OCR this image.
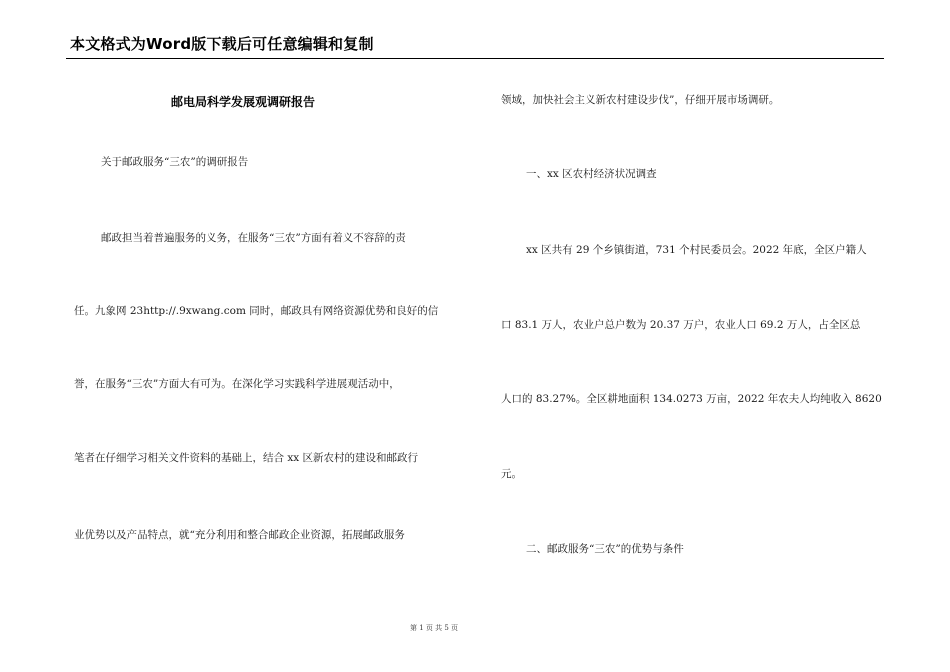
本文格式为Word版下载后可任意编辑和复制
邮电局科学发展观调研报告
关于邮政服务“三农”的调研报告
邮政担当着普遍服务的义务，在服务“三农”方面有着义不容辞的责
任。九象网 23http://.9xwang.com 同时，邮政具有网络资源优势和良好的信
誉，在服务“三农”方面大有可为。在深化学习实践科学进展观活动中，
笔者在仔细学习相关文件资料的基础上，结合 xx 区新农村的建设和邮政行
业优势以及产品特点，就“充分利用和整合邮政企业资源，拓展邮政服务
领域，加快社会主义新农村建设步伐”，仔细开展市场调研。
一、xx 区农村经济状况调查
xx 区共有 29 个乡镇街道，731 个村民委员会。2022 年底，全区户籍人
口 83.1 万人，农业户总户数为 20.37 万户，农业人口 69.2 万人，占全区总
人口的 83.27%。全区耕地面积 134.0273 万亩，2022 年农夫人均纯收入 8620
元。
二、邮政服务“三农”的优势与条件
第 1 页 共 5 页
